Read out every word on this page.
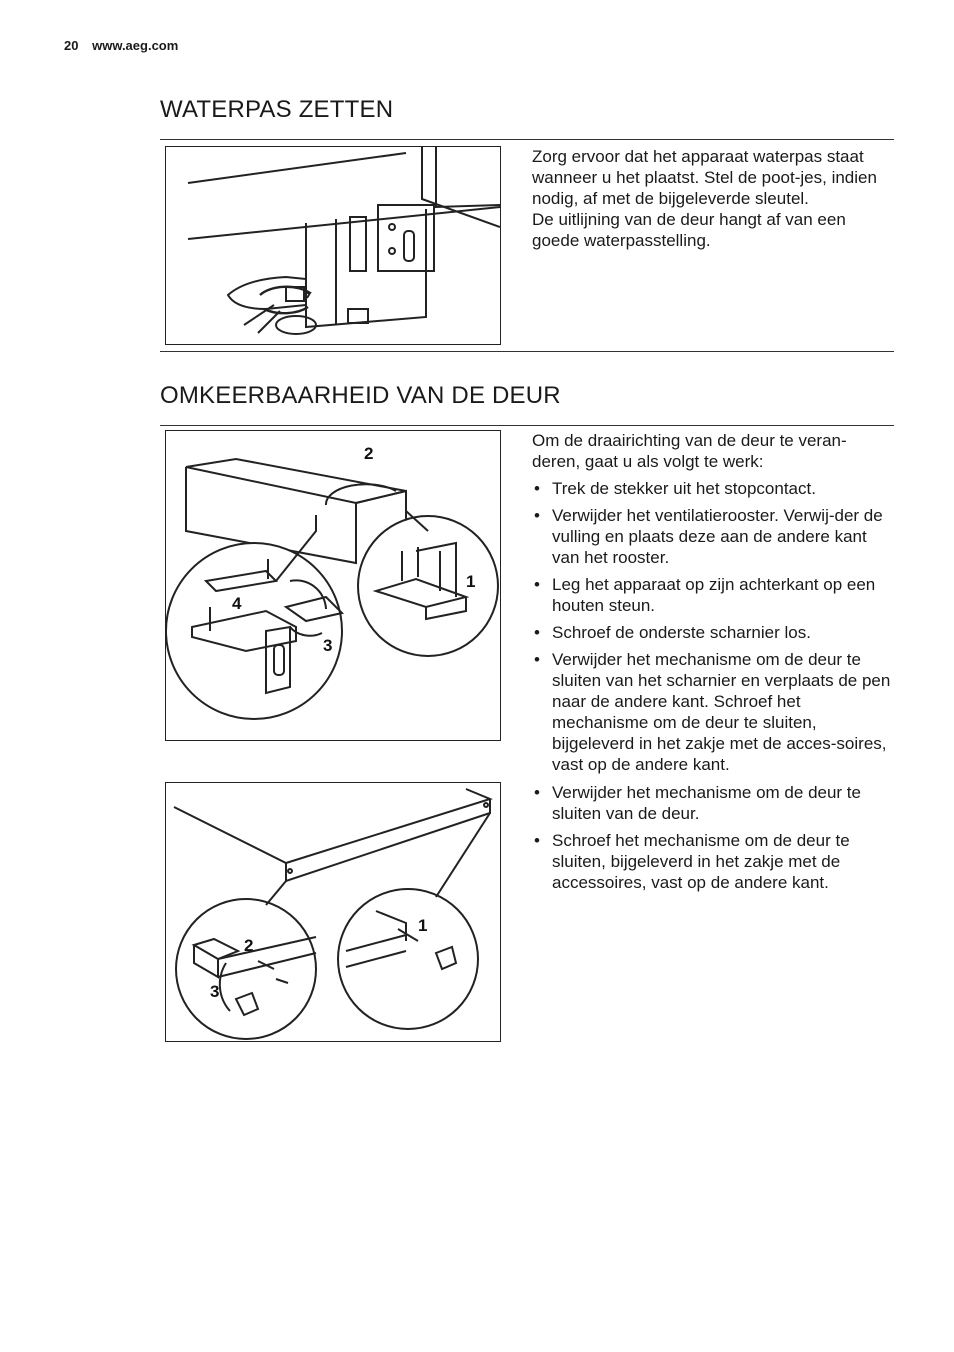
20 www.aeg.com
WATERPAS ZETTEN

Zorg ervoor dat het apparaat waterpas staat wanneer u het plaatst. Stel de poot-jes, indien nodig, af met de bijgeleverde sleutel.

De uitlijning van de deur hangt af van een goede waterpasstelling.

OMKEERBAARHEID VAN DE DEUR
2
1
4
3

Om de draairichting van de deur te veran-deren, gaat u als volgt te werk:

• Trek de stekker uit het stopcontact.
• Verwijder het ventilatierooster. Verwij-der de vulling en plaats deze aan de andere kant van het rooster.
• Leg het apparaat op zijn achterkant op een houten steun.
• Schroef de onderste scharnier los.
• Verwijder het mechanisme om de deur te sluiten van het scharnier en verplaats de pen naar de andere kant. Schroef het mechanisme om de deur te sluiten, bijgeleverd in het zakje met de acces-soires, vast op de andere kant.
2
3
1
• Verwijder het mechanisme om de deur te sluiten van de deur.
• Schroef het mechanisme om de deur te sluiten, bijgeleverd in het zakje met de accessoires, vast op de andere kant.
